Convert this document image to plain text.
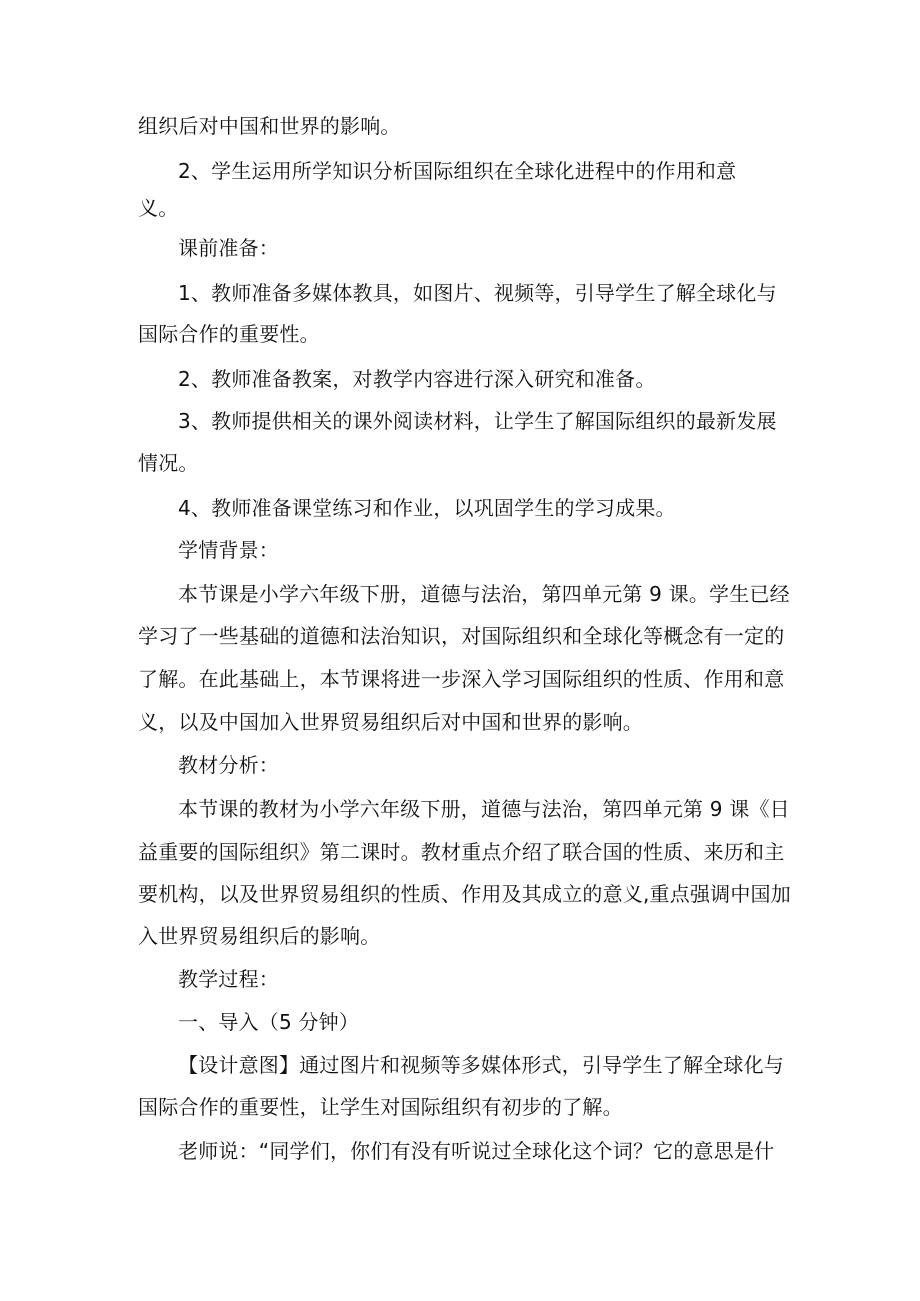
组织后对中国和世界的影响。
2、学生运用所学知识分析国际组织在全球化进程中的作用和意
义。
课前准备：
1、教师准备多媒体教具，如图片、视频等，引导学生了解全球化与
国际合作的重要性。
2、教师准备教案，对教学内容进行深入研究和准备。
3、教师提供相关的课外阅读材料，让学生了解国际组织的最新发展
情况。
4、教师准备课堂练习和作业，以巩固学生的学习成果。
学情背景：
本节课是小学六年级下册，道德与法治，第四单元第 9 课。学生已经
学习了一些基础的道德和法治知识，对国际组织和全球化等概念有一定的
了解。在此基础上，本节课将进一步深入学习国际组织的性质、作用和意
义，以及中国加入世界贸易组织后对中国和世界的影响。
教材分析：
本节课的教材为小学六年级下册，道德与法治，第四单元第 9 课《日
益重要的国际组织》第二课时。教材重点介绍了联合国的性质、来历和主
要机构，以及世界贸易组织的性质、作用及其成立的意义,重点强调中国加
入世界贸易组织后的影响。
教学过程：
一、导入（5 分钟）
【设计意图】通过图片和视频等多媒体形式，引导学生了解全球化与
国际合作的重要性，让学生对国际组织有初步的了解。
老师说：“同学们，你们有没有听说过全球化这个词？它的意思是什
